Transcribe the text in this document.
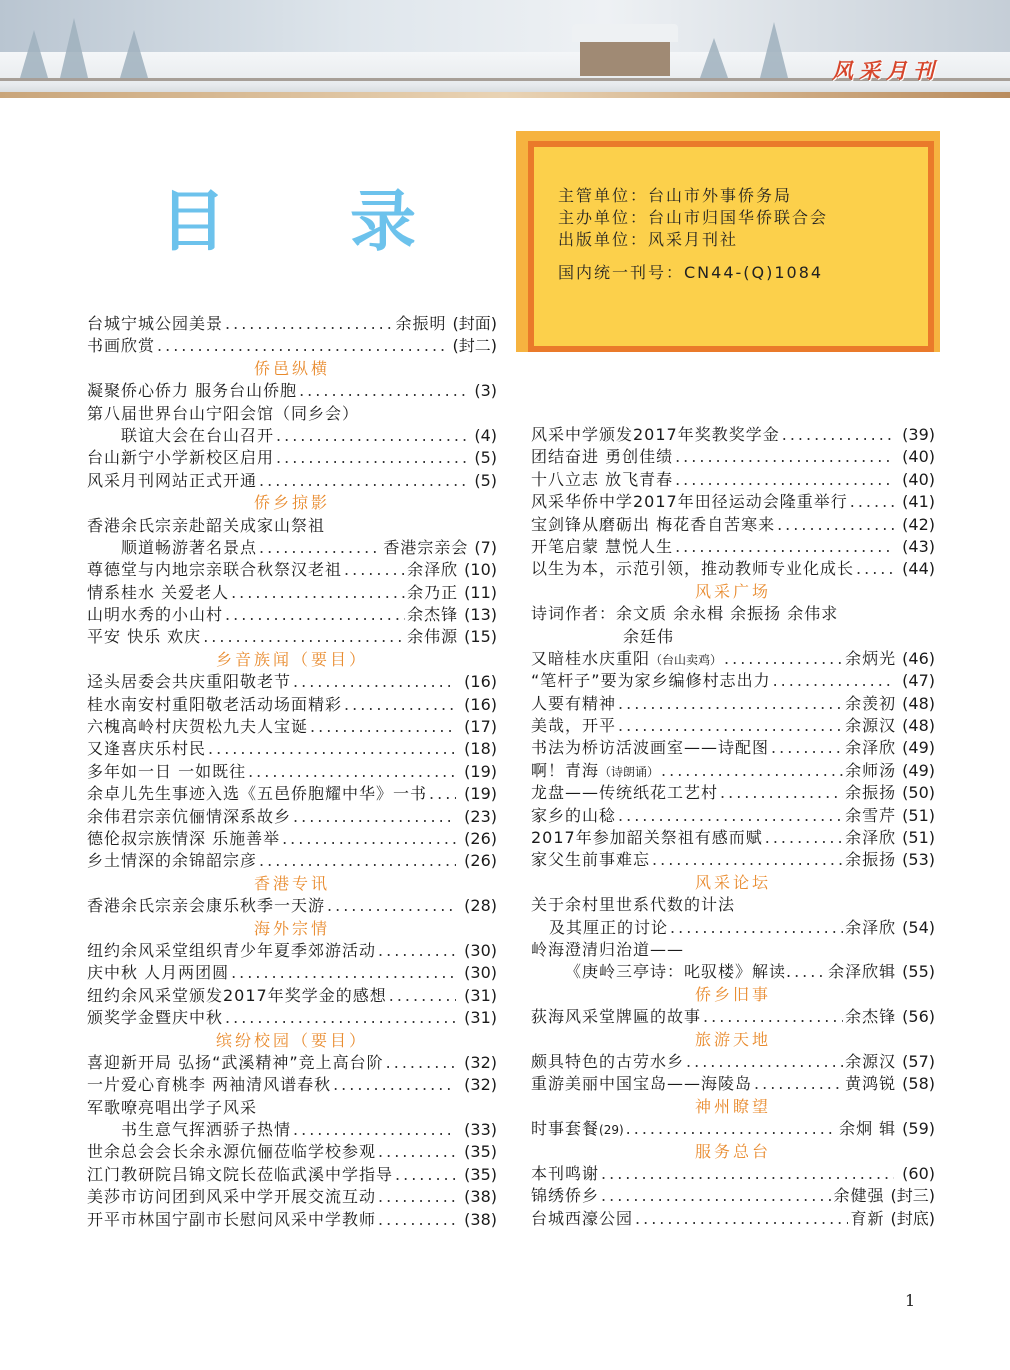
风采月刊
目 录	主管单位：台山市外事侨务局
主办单位：台山市归国华侨联合会
出版单位：风采月刊社
国内统一刊号：CN44-(Q)1084
台城宁城公园美景 .....	余振明 (封面)
书画欣赏 .....	(封二)
侨邑纵横
凝聚侨心侨力 服务台山侨胞 .....	(3)
第八届世界台山宁阳会馆（同乡会）
联谊大会在台山召开 .....	(4)
台山新宁小学新校区启用 .....	(5)
风采月刊网站正式开通 .....	(5)
侨乡掠影
香港余氏宗亲赴韶关成家山祭祖
顺道畅游著名景点 .....	香港宗亲会 (7)
尊德堂与内地宗亲联合秋祭汉老祖 .....	余泽欣 (10)
情系桂水 关爱老人 .....	余乃正 (11)
山明水秀的小山村 .....	余杰锋 (13)
平安 快乐 欢庆 .....	余伟源 (15)
乡音族闻（要目）
迳头居委会共庆重阳敬老节 .....	(16)
桂水南安村重阳敬老活动场面精彩 .....	(16)
六槐高岭村庆贺松九夫人宝诞 .....	(17)
又逢喜庆乐村民 .....	(18)
多年如一日 一如既往 .....	(19)
余卓儿先生事迹入选《五邑侨胞耀中华》一书 ..... (19)
余伟君宗亲伉俪情深系故乡 .....	(23)
德伦叔宗族情深 乐施善举 .....	(26)
乡土情深的余锦韶宗彦 .....	(26)
香港专讯
香港余氏宗亲会康乐秋季一天游 .....	(28)
海外宗情
纽约余风采堂组织青少年夏季郊游活动 .....	(30)
庆中秋 人月两团圆 .....	(30)
纽约余风采堂颁发2017年奖学金的感想 .....	(31)
颁奖学金暨庆中秋 .....	(31)
缤纷校园（要目）
喜迎新开局 弘扬“武溪精神”竞上高台阶 .....	(32)
一片爱心育桃李 两袖清风谱春秋 .....	(32)
军歌嘹亮唱出学子风采
书生意气挥洒骄子热情 .....	(33)
世余总会会长余永源伉俪莅临学校参观 .....	(35)
江门教研院吕锦文院长莅临武溪中学指导 .....	(35)
美莎市访问团到风采中学开展交流互动 .....	(38)
开平市林国宁副市长慰问风采中学教师 .....	(38)
风采中学颁发2017年奖教奖学金 .....	(39)
团结奋进 勇创佳绩 .....	(40)
十八立志 放飞青春 .....	(40)
风采华侨中学2017年田径运动会隆重举行 .....	(41)
宝剑锋从磨砺出 梅花香自苦寒来 .....	(42)
开笔启蒙 慧悦人生 .....	(43)
以生为本，示范引领，推动教师专业化成长 .....	(44)
风采广场
诗词作者：余文质 余永楫 余振扬 余伟求
余廷伟
又暗桂水庆重阳 （台山卖鸡） .....	余炳光 (46)
“笔杆子”要为家乡编修村志出力 .....	(47)
人要有精神 .....	余羡初 (48)
美哉，开平 .....	余源汉 (48)
书法为桥访活波画室——诗配图 .....	余泽欣 (49)
啊！青海 （诗朗诵） .....	余师汤 (49)
龙盘——传统纸花工艺村 .....	余振扬 (50)
家乡的山稔 .....	余雪芹 (51)
2017年参加韶关祭祖有感而赋 .....	余泽欣 (51)
家父生前事难忘 .....	余振扬 (53)
风采论坛
关于余村里世系代数的计法
及其厘正的讨论 .....	余泽欣 (54)
岭海澄清归治道——
《庚岭三亭诗：叱驭楼》解读. ..... 余泽欣辑 (55)
侨乡旧事
荻海风采堂牌匾的故事 .....	余杰锋 (56)
旅游天地
颇具特色的古劳水乡 .....	余源汉 (57)
重游美丽中国宝岛——海陵岛 .....	黄鸿锐 (58)
神州瞭望
时事套餐 (29) .....	余炯 辑 (59)
服务总台
本刊鸣谢 .....	(60)
锦绣侨乡 .....	余健强 (封三)
台城西濠公园 .....	育新 (封底)
1
